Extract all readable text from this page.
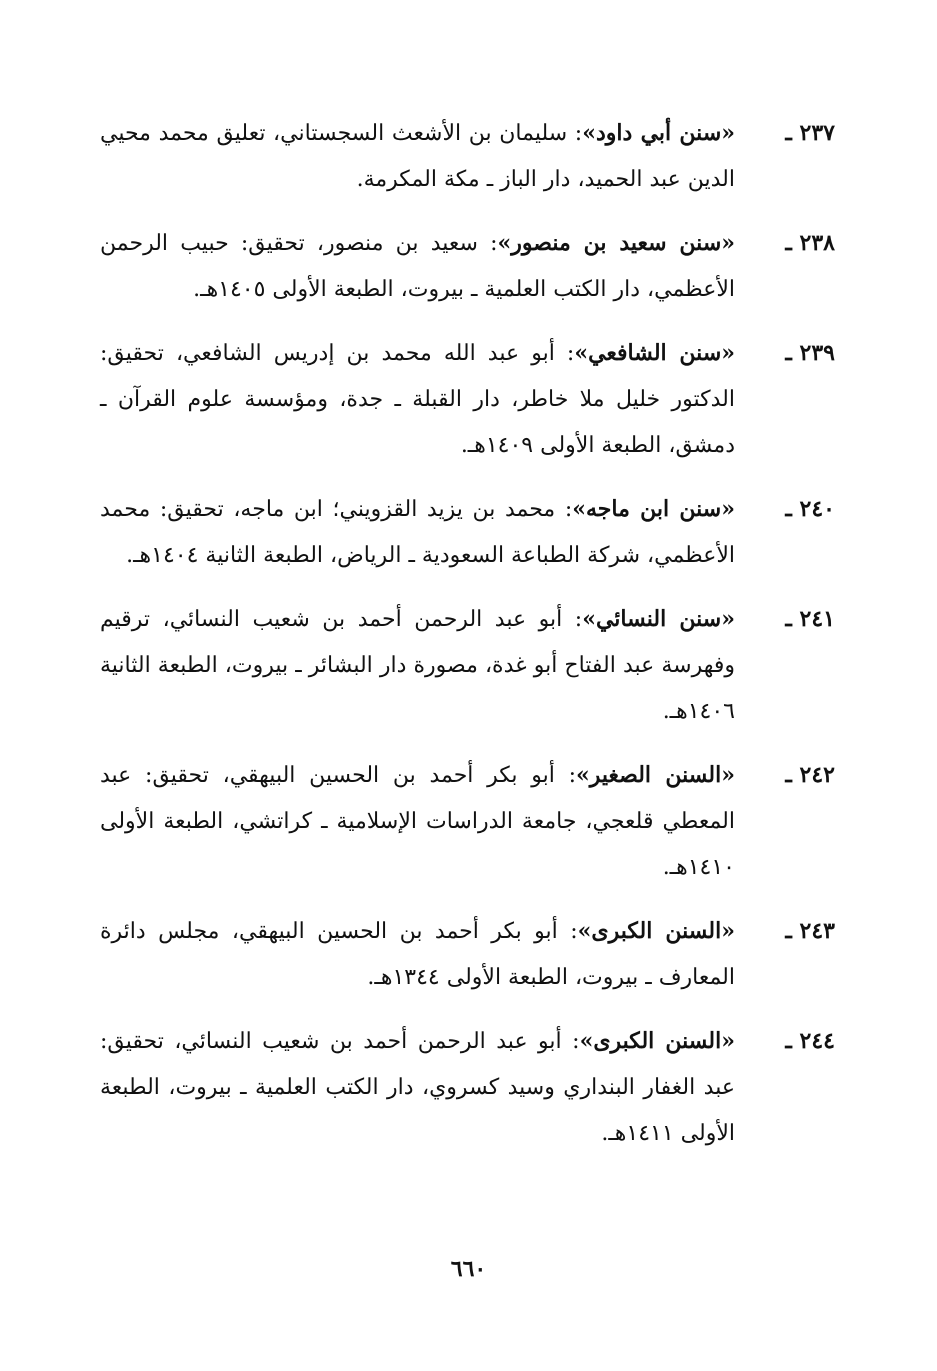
٢٣٧ ـ
«سنن أبي داود»: سليمان بن الأشعث السجستاني، تعليق محمد محيي الدين عبد الحميد، دار الباز ـ مكة المكرمة.
٢٣٨ ـ
«سنن سعيد بن منصور»: سعيد بن منصور، تحقيق: حبيب الرحمن الأعظمي، دار الكتب العلمية ـ بيروت، الطبعة الأولى ١٤٠٥هـ.
٢٣٩ ـ
«سنن الشافعي»: أبو عبد الله محمد بن إدريس الشافعي، تحقيق: الدكتور خليل ملا خاطر، دار القبلة ـ جدة، ومؤسسة علوم القرآن ـ دمشق، الطبعة الأولى ١٤٠٩هـ.
٢٤٠ ـ
«سنن ابن ماجه»: محمد بن يزيد القزويني؛ ابن ماجه، تحقيق: محمد الأعظمي، شركة الطباعة السعودية ـ الرياض، الطبعة الثانية ١٤٠٤هـ.
٢٤١ ـ
«سنن النسائي»: أبو عبد الرحمن أحمد بن شعيب النسائي، ترقيم وفهرسة عبد الفتاح أبو غدة، مصورة دار البشائر ـ بيروت، الطبعة الثانية ١٤٠٦هـ.
٢٤٢ ـ
«السنن الصغير»: أبو بكر أحمد بن الحسين البيهقي، تحقيق: عبد المعطي قلعجي، جامعة الدراسات الإسلامية ـ كراتشي، الطبعة الأولى ١٤١٠هـ.
٢٤٣ ـ
«السنن الكبرى»: أبو بكر أحمد بن الحسين البيهقي، مجلس دائرة المعارف ـ بيروت، الطبعة الأولى ١٣٤٤هـ.
٢٤٤ ـ
«السنن الكبرى»: أبو عبد الرحمن أحمد بن شعيب النسائي، تحقيق: عبد الغفار البنداري وسيد كسروي، دار الكتب العلمية ـ بيروت، الطبعة الأولى ١٤١١هـ.
٦٦٠
